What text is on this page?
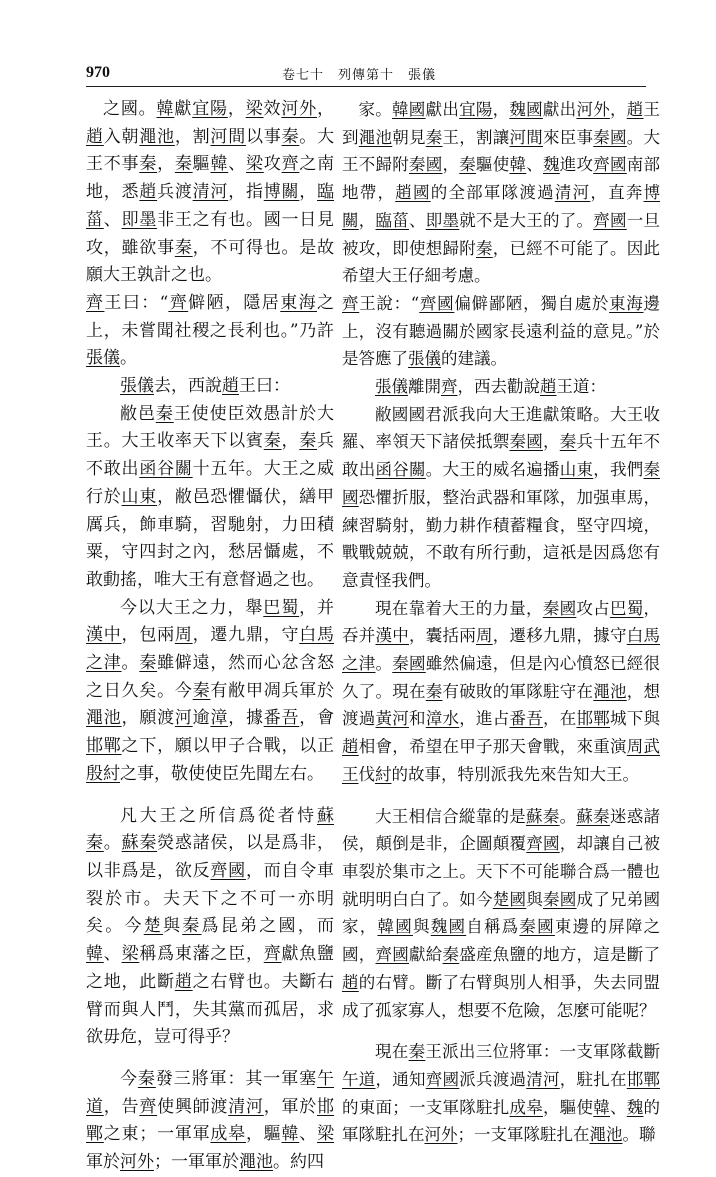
970	卷七十　列傳第十　張儀

之國。韓獻宜陽，梁效河外，趙入朝澠池，割河間以事秦。大王不事秦，秦驅韓、梁攻齊之南地，悉趙兵渡清河，指博關，臨菑、即墨非王之有也。國一日見攻，雖欲事秦，不可得也。是故願大王孰計之也。

齊王曰：“齊僻陋，隱居東海之上，未嘗聞社稷之長利也。”乃許張儀。

張儀去，西說趙王曰：

敝邑秦王使使臣效愚計於大王。大王收率天下以賓秦，秦兵不敢出函谷關十五年。大王之威行於山東，敝邑恐懼懾伏，繕甲厲兵，飾車騎，習馳射，力田積粟，守四封之內，愁居懾處，不敢動搖，唯大王有意督過之也。

今以大王之力，舉巴蜀，并漢中，包兩周，遷九鼎，守白馬之津。秦雖僻遠，然而心忿含怒之日久矣。今秦有敝甲凋兵軍於澠池，願渡河逾漳，據番吾，會邯鄲之下，願以甲子合戰，以正殷紂之事，敬使使臣先聞左右。

凡大王之所信爲從者恃蘇秦。蘇秦熒惑諸侯，以是爲非，以非爲是，欲反齊國，而自令車裂於市。夫天下之不可一亦明矣。今楚與秦爲昆弟之國，而韓、梁稱爲東藩之臣，齊獻魚鹽之地，此斷趙之右臂也。夫斷右臂而與人鬥，失其黨而孤居，求欲毋危，豈可得乎？

今秦發三將軍：其一軍塞午道，告齊使興師渡清河，軍於邯鄲之東；一軍軍成皋，驅韓、梁軍於河外；一軍軍於澠池。約四

家。韓國獻出宜陽，魏國獻出河外，趙王到澠池朝見秦王，割讓河間來臣事秦國。大王不歸附秦國，秦驅使韓、魏進攻齊國南部地帶，趙國的全部軍隊渡過清河，直奔博關，臨菑、即墨就不是大王的了。齊國一旦被攻，即使想歸附秦，已經不可能了。因此希望大王仔細考慮。

齊王說：“齊國偏僻鄙陋，獨自處於東海邊上，沒有聽過關於國家長遠利益的意見。”於是答應了張儀的建議。

張儀離開齊，西去勸說趙王道：

敝國國君派我向大王進獻策略。大王收羅、率領天下諸侯抵禦秦國，秦兵十五年不敢出函谷關。大王的威名遍播山東，我們秦國恐懼折服，整治武器和軍隊，加强車馬，練習騎射，勤力耕作積蓄糧食，堅守四境，戰戰兢兢，不敢有所行動，這祇是因爲您有意責怪我們。

現在靠着大王的力量，秦國攻占巴蜀，吞并漢中，囊括兩周，遷移九鼎，據守白馬之津。秦國雖然偏遠，但是內心憤怒已經很久了。現在秦有破敗的軍隊駐守在澠池，想渡過黃河和漳水，進占番吾，在邯鄲城下與趙相會，希望在甲子那天會戰，來重演周武王伐紂的故事，特別派我先來告知大王。

大王相信合縱靠的是蘇秦。蘇秦迷惑諸侯，顛倒是非，企圖顛覆齊國，却讓自己被車裂於集市之上。天下不可能聯合爲一體也就明明白白了。如今楚國與秦國成了兄弟國家，韓國與魏國自稱爲秦國東邊的屏障之國，齊國獻給秦盛産魚鹽的地方，這是斷了趙的右臂。斷了右臂與別人相爭，失去同盟成了孤家寡人，想要不危險，怎麼可能呢？

現在秦王派出三位將軍：一支軍隊截斷午道，通知齊國派兵渡過清河，駐扎在邯鄲的東面；一支軍隊駐扎成皋，驅使韓、魏的軍隊駐扎在河外；一支軍隊駐扎在澠池。聯
